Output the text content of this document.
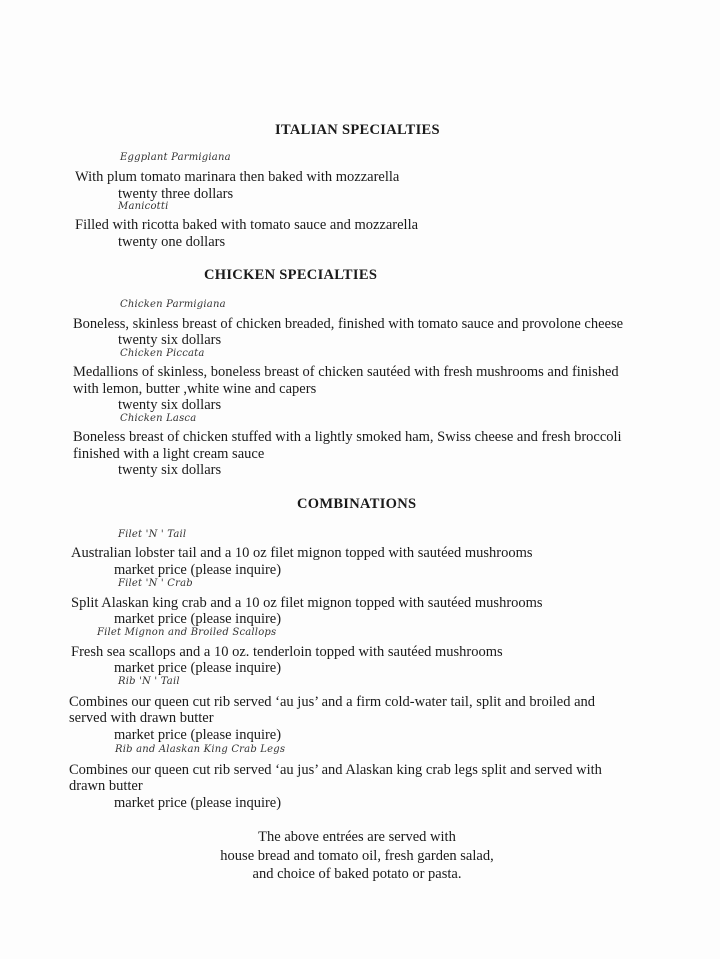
ITALIAN SPECIALTIES
Eggplant Parmigiana
With plum tomato marinara then baked with mozzarella
twenty three dollars
Manicotti
Filled with ricotta baked with tomato sauce and mozzarella
twenty one dollars
CHICKEN SPECIALTIES
Chicken Parmigiana
Boneless, skinless breast of chicken breaded, finished with tomato sauce and provolone cheese
twenty six dollars
Chicken Piccata
Medallions of skinless, boneless breast of chicken sautéed with fresh mushrooms and finished
with lemon, butter ,white wine and capers
twenty six dollars
Chicken Lasca
Boneless breast of chicken stuffed with a lightly smoked ham, Swiss cheese and fresh broccoli
finished with a light cream sauce
twenty six dollars
COMBINATIONS
Filet 'N ' Tail
Australian lobster tail and a 10 oz filet mignon topped with sautéed mushrooms
market price (please inquire)
Filet 'N ' Crab
Split Alaskan king crab and a 10 oz filet mignon topped with sautéed mushrooms
market price (please inquire)
Filet Mignon and Broiled Scallops
Fresh sea scallops and a 10 oz. tenderloin topped with sautéed mushrooms
market price (please inquire)
Rib 'N ' Tail
Combines our queen cut rib served ‘au jus’ and a firm cold-water tail, split and broiled and
served with drawn butter
market price (please inquire)
Rib and Alaskan King Crab Legs
Combines our queen cut rib served ‘au jus’ and Alaskan king crab legs split and served with
drawn butter
market price (please inquire)
The above entrées are served with
house bread and tomato oil, fresh garden salad,
and choice of baked potato or pasta.
